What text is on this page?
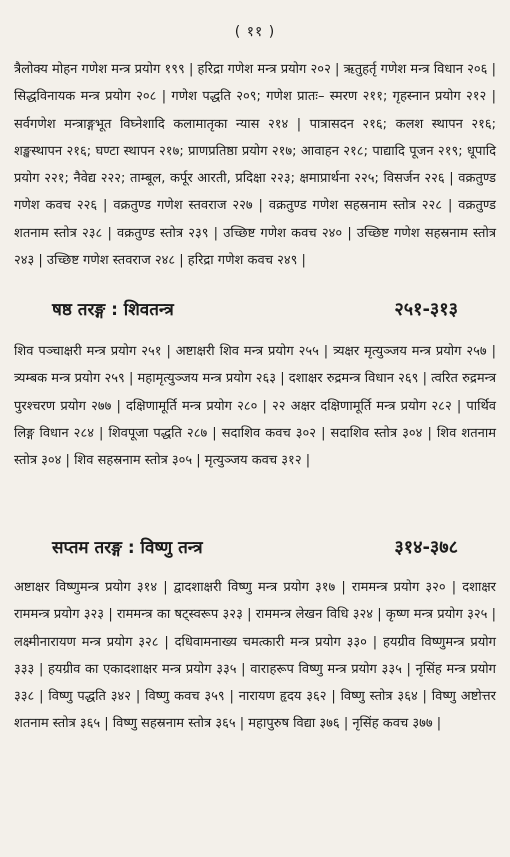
( ११ )
त्रैलोक्य मोहन गणेश मन्त्र प्रयोग १९९ | हरिद्रा गणेश मन्त्र प्रयोग २०२ | ऋतुहर्तृ गणेश मन्त्र विधान २०६ | सिद्धविनायक मन्त्र प्रयोग २०८ | गणेश पद्धति २०९; गणेश प्रातः– स्मरण २११; गृहस्नान प्रयोग २१२ | सर्वगणेश मन्त्राङ्गभूत विघ्नेशादि कलामातृका न्यास २१४ | पात्रासदन २१६; कलश स्थापन २१६; शङ्खस्थापन २१६; घण्टा स्थापन २१७; प्राणप्रतिष्ठा प्रयोग २१७; आवाहन २१८; पाद्यादि पूजन २१९; धूपादि प्रयोग २२१; नैवेद्य २२२; ताम्बूल, कर्पूर आरती, प्रदिक्षा २२३; क्षमाप्रार्थना २२५; विसर्जन २२६ | वक्रतुण्ड गणेश कवच २२६ | वक्रतुण्ड गणेश स्तवराज २२७ | वक्रतुण्ड गणेश सहस्रनाम स्तोत्र २२८ | वक्रतुण्ड शतनाम स्तोत्र २३८ | वक्रतुण्ड स्तोत्र २३९ | उच्छिष्ट गणेश कवच २४० | उच्छिष्ट गणेश सहस्रनाम स्तोत्र २४३ | उच्छिष्ट गणेश स्तवराज २४८ | हरिद्रा गणेश कवच २४९ |
षष्ठ तरङ्ग : शिवतन्त्र	२५१-३१३
शिव पञ्चाक्षरी मन्त्र प्रयोग २५१ | अष्टाक्षरी शिव मन्त्र प्रयोग २५५ | त्र्यक्षर मृत्युञ्जय मन्त्र प्रयोग २५७ | त्र्यम्बक मन्त्र प्रयोग २५९ | महामृत्युञ्जय मन्त्र प्रयोग २६३ | दशाक्षर रुद्रमन्त्र विधान २६९ | त्वरित रुद्रमन्त्र पुरश्चरण प्रयोग २७७ | दक्षिणामूर्ति मन्त्र प्रयोग २८० | २२ अक्षर दक्षिणामूर्ति मन्त्र प्रयोग २८२ | पार्थिव लिङ्ग विधान २८४ | शिवपूजा पद्धति २८७ | सदाशिव कवच ३०२ | सदाशिव स्तोत्र ३०४ | शिव शतनाम स्तोत्र ३०४ | शिव सहस्रनाम स्तोत्र ३०५ | मृत्युञ्जय कवच ३१२ |
सप्तम तरङ्ग : विष्णु तन्त्र	३१४-३७८
अष्टाक्षर विष्णुमन्त्र प्रयोग ३१४ | द्वादशाक्षरी विष्णु मन्त्र प्रयोग ३१७ | राममन्त्र प्रयोग ३२० | दशाक्षर राममन्त्र प्रयोग ३२३ | राममन्त्र का षट्स्वरूप ३२३ | राममन्त्र लेखन विधि ३२४ | कृष्ण मन्त्र प्रयोग ३२५ | लक्ष्मीनारायण मन्त्र प्रयोग ३२८ | दधिवामनाख्य चमत्कारी मन्त्र प्रयोग ३३० | हयग्रीव विष्णुमन्त्र प्रयोग ३३३ | हयग्रीव का एकादशाक्षर मन्त्र प्रयोग ३३५ | वाराहरूप विष्णु मन्त्र प्रयोग ३३५ | नृसिंह मन्त्र प्रयोग ३३८ | विष्णु पद्धति ३४२ | विष्णु कवच ३५९ | नारायण हृदय ३६२ | विष्णु स्तोत्र ३६४ | विष्णु अष्टोत्तर शतनाम स्तोत्र ३६५ | विष्णु सहस्रनाम स्तोत्र ३६५ | महापुरुष विद्या ३७६ | नृसिंह कवच ३७७ |
